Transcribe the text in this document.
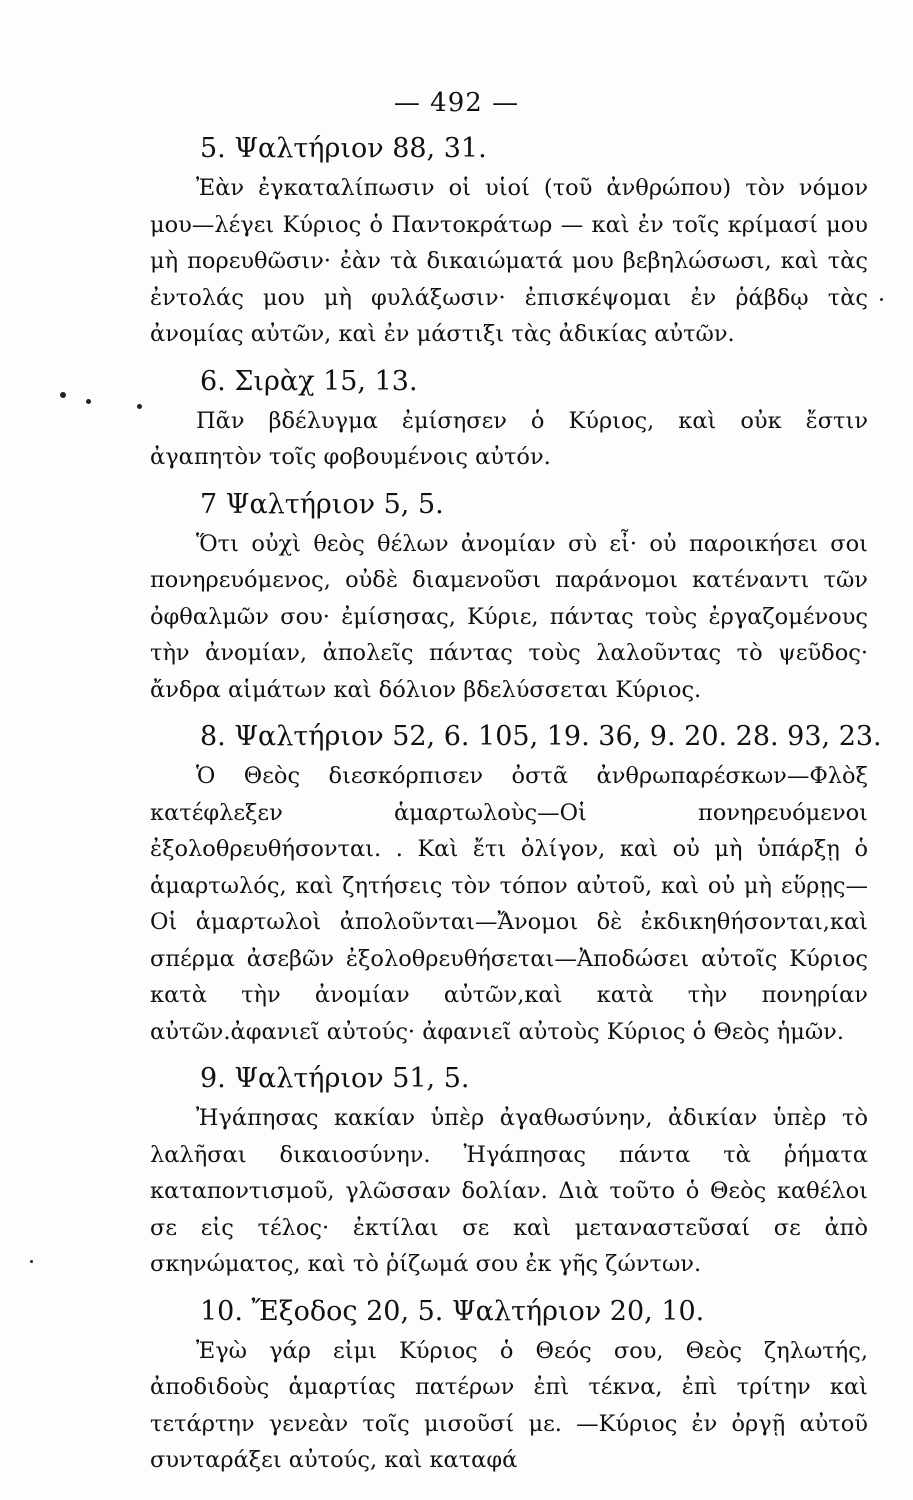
— 492 —
5. Ψαλτήριον 88, 31.

Ἐὰν ἐγκαταλίπωσιν οἱ υἱοί (τοῦ ἀνθρώπου) τὸν νόμον μου—λέγει Κύριος ὁ Παντοκράτωρ — καὶ ἐν τοῖς κρίμασί μου μὴ πορευθῶσιν· ἐὰν τὰ δικαιώματά μου βεβηλώσωσι, καὶ τὰς ἐντολάς μου μὴ φυλάξωσιν· ἐπισκέψομαι ἐν ῥάβδῳ τὰς ἀνομίας αὐτῶν, καὶ ἐν μάστιξι τὰς ἀδικίας αὐτῶν.

6. Σιρὰχ 15, 13.

Πᾶν βδέλυγμα ἐμίσησεν ὁ Κύριος, καὶ οὐκ ἔστιν ἀγαπητὸν τοῖς φοβουμένοις αὐτόν.

7 Ψαλτήριον 5, 5.

Ὅτι οὐχὶ θεὸς θέλων ἀνομίαν σὺ εἶ· οὐ παροικήσει σοι πονηρευόμενος, οὐδὲ διαμενοῦσι παράνομοι κατέναντι τῶν ὀφθαλμῶν σου· ἐμίσησας, Κύριε, πάντας τοὺς ἐργαζομένους τὴν ἀνομίαν, ἀπολεῖς πάντας τοὺς λαλοῦντας τὸ ψεῦδος· ἄνδρα αἱμάτων καὶ δόλιον βδελύσσεται Κύριος.

8. Ψαλτήριον 52, 6. 105, 19. 36, 9. 20. 28. 93, 23.

Ὁ Θεὸς διεσκόρπισεν ὀστᾶ ἀνθρωπαρέσκων—Φλὸξ κατέφλεξεν ἁμαρτωλοὺς—Οἱ πονηρευόμενοι ἐξολοθρευθήσονται. . Καὶ ἔτι ὀλίγον, καὶ οὐ μὴ ὑπάρξῃ ὁ ἁμαρτωλός, καὶ ζητήσεις τὸν τόπον αὐτοῦ, καὶ οὐ μὴ εὕρῃς—Οἱ ἁμαρτωλοὶ ἀπολοῦνται—Ἄνομοι δὲ ἐκδικηθήσονται,καὶ σπέρμα ἀσεβῶν ἐξολοθρευθήσεται—Ἀποδώσει αὐτοῖς Κύριος κατὰ τὴν ἀνομίαν αὐτῶν,καὶ κατὰ τὴν πονηρίαν αὐτῶν.ἀφανιεῖ αὐτούς· ἀφανιεῖ αὐτοὺς Κύριος ὁ Θεὸς ἡμῶν.

9. Ψαλτήριον 51, 5.

Ἠγάπησας κακίαν ὑπὲρ ἀγαθωσύνην, ἀδικίαν ὑπὲρ τὸ λαλῆσαι δικαιοσύνην. Ἠγάπησας πάντα τὰ ῥήματα καταποντισμοῦ, γλῶσσαν δολίαν. Διὰ τοῦτο ὁ Θεὸς καθέλοι σε εἰς τέλος· ἐκτίλαι σε καὶ μεταναστεῦσαί σε ἀπὸ σκηνώματος, καὶ τὸ ῥίζωμά σου ἐκ γῆς ζώντων.

10. Ἔξοδος 20, 5. Ψαλτήριον 20, 10.

Ἐγὼ γάρ εἰμι Κύριος ὁ Θεός σου, Θεὸς ζηλωτής, ἀποδιδοὺς ἁμαρτίας πατέρων ἐπὶ τέκνα, ἐπὶ τρίτην καὶ τετάρτην γενεὰν τοῖς μισοῦσί με. —Κύριος ἐν ὀργῇ αὐτοῦ συνταράξει αὐτούς, καὶ καταφά
